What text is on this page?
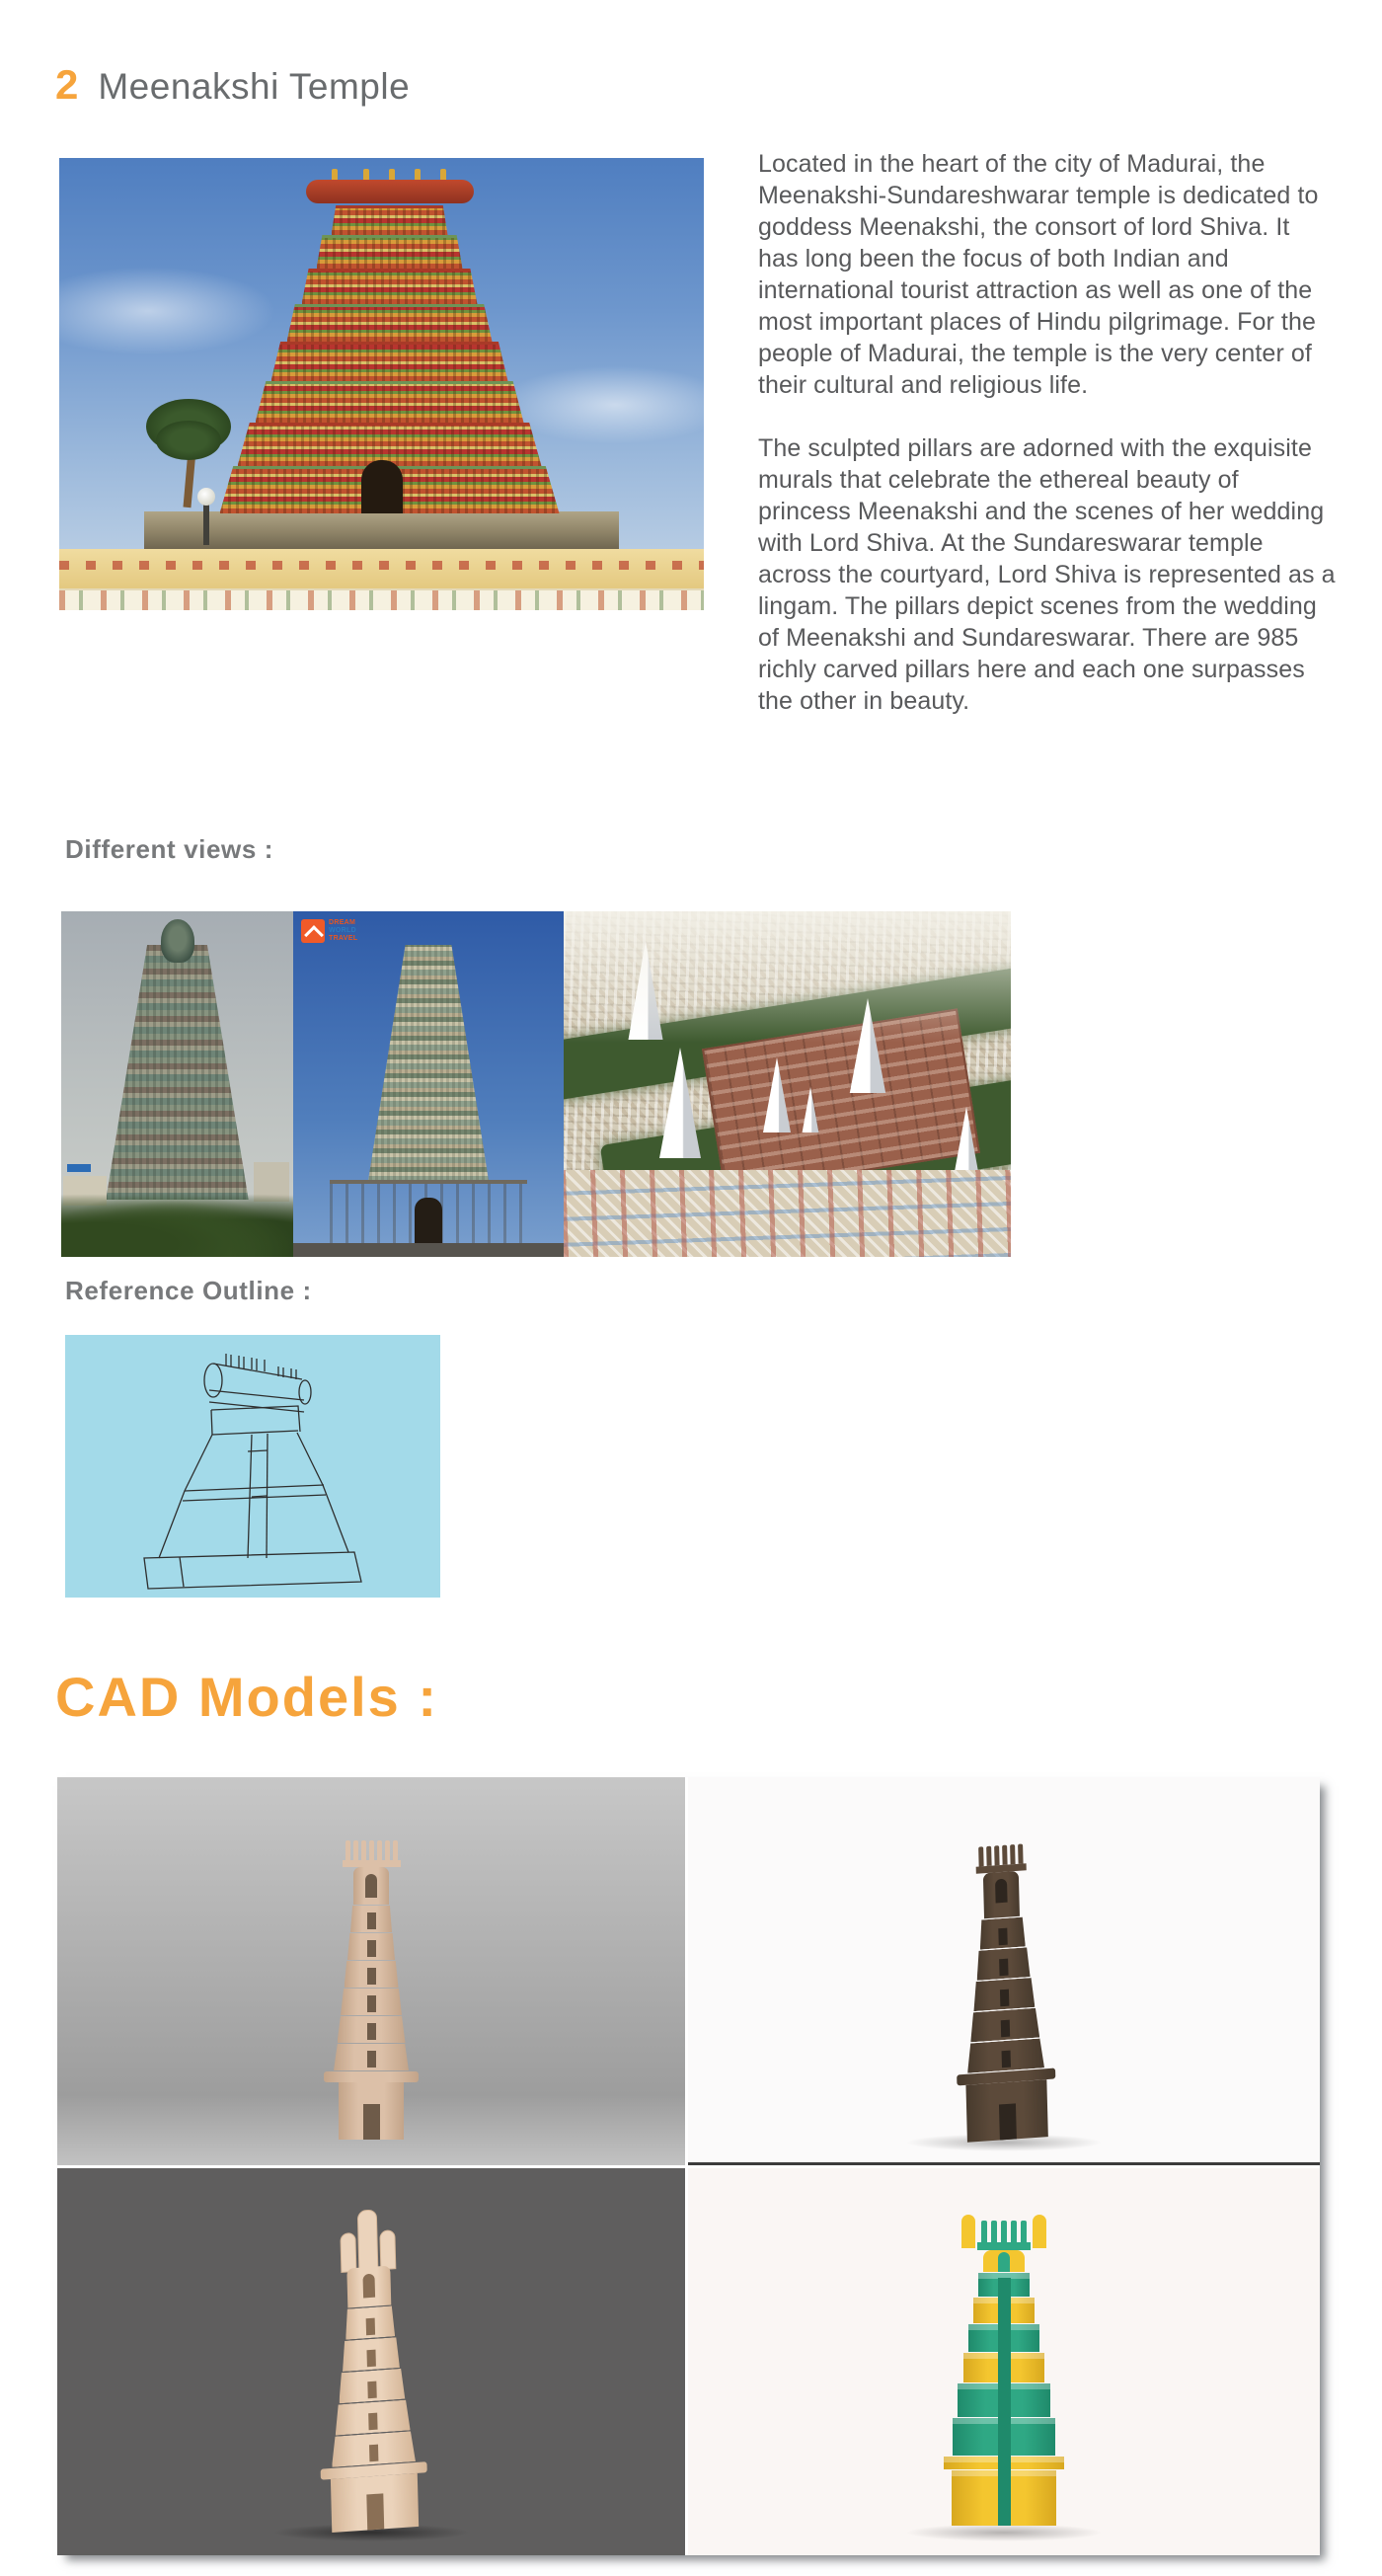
2 Meenakshi Temple

Located in the heart of the city of Madurai, the Meenakshi-Sundareshwarar temple is dedicated to goddess Meenakshi, the consort of lord Shiva. It has long been the focus of both Indian and international tourist attraction as well as one of the most important places of Hindu pilgrimage. For the people of Madurai, the temple is the very center of their cultural and religious life.

The sculpted pillars are adorned with the exquisite murals that celebrate the ethereal beauty of princess Meenakshi and the scenes of her wedding with Lord Shiva. At the Sundareswarar temple across the courtyard, Lord Shiva is represented as a lingam. The pillars depict scenes from the wedding of Meenakshi and Sundareswarar. There are 985 richly carved pillars here and each one surpasses the other in beauty.

Different views :
DREAM
WORLD
TRAVEL
Reference Outline :
CAD Models :
